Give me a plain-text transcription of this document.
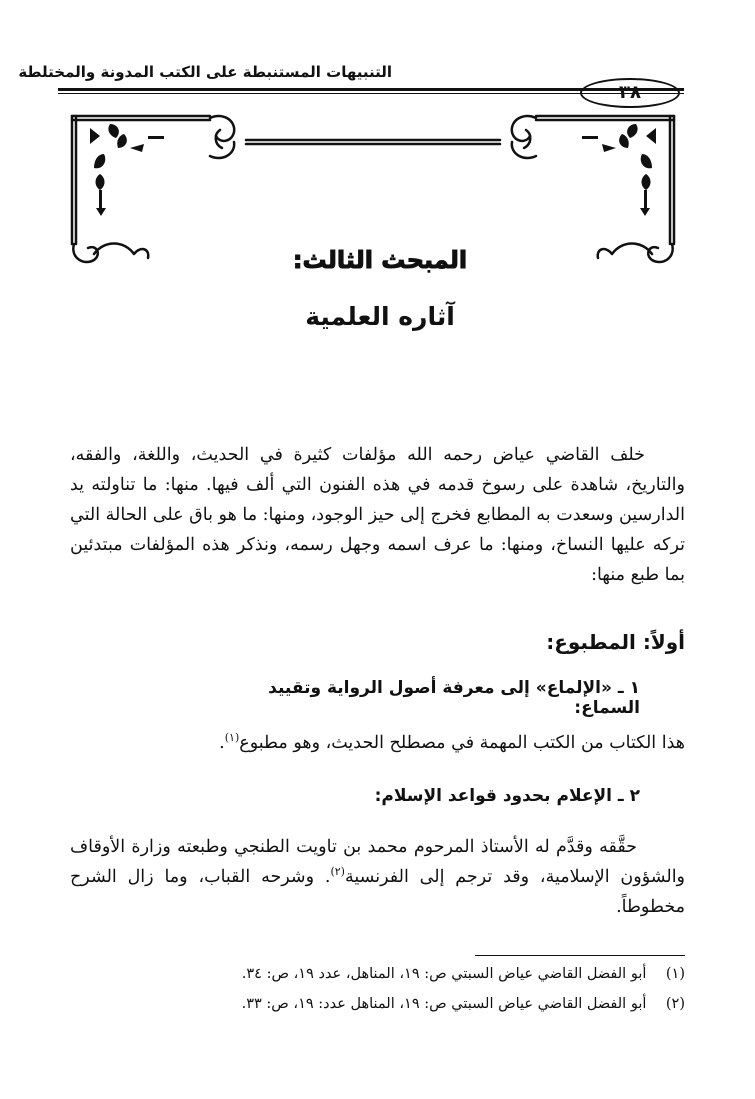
التنبيهات المستنبطة على الكتب المدونة والمختلطة
٣٨
المبحث الثالث:
آثاره العلمية

خلف القاضي عياض رحمه الله مؤلفات كثيرة في الحديث، واللغة، والفقه، والتاريخ، شاهدة على رسوخ قدمه في هذه الفنون التي ألف فيها. منها: ما تناولته يد الدارسين وسعدت به المطابع فخرج إلى حيز الوجود، ومنها: ما هو باق على الحالة التي تركه عليها النساخ، ومنها: ما عرف اسمه وجهل رسمه، ونذكر هذه المؤلفات مبتدئين بما طبع منها:

أولاً: المطبوع:
١ ـ «الإلماع» إلى معرفة أصول الرواية وتقييد السماع:
هذا الكتاب من الكتب المهمة في مصطلح الحديث، وهو مطبوع$^{(١)}$.
٢ ـ الإعلام بحدود قواعد الإسلام:

حقَّقه وقدَّم له الأستاذ المرحوم محمد بن تاويت الطنجي وطبعته وزارة الأوقاف والشؤون الإسلامية، وقد ترجم إلى الفرنسية$^{(٢)}$. وشرحه القباب، وما زال الشرح مخطوطاً.

(١) أبو الفضل القاضي عياض السبتي ص: ١٩، المناهل، عدد ١٩، ص: ٣٤.
(٢) أبو الفضل القاضي عياض السبتي ص: ١٩، المناهل عدد: ١٩، ص: ٣٣.
